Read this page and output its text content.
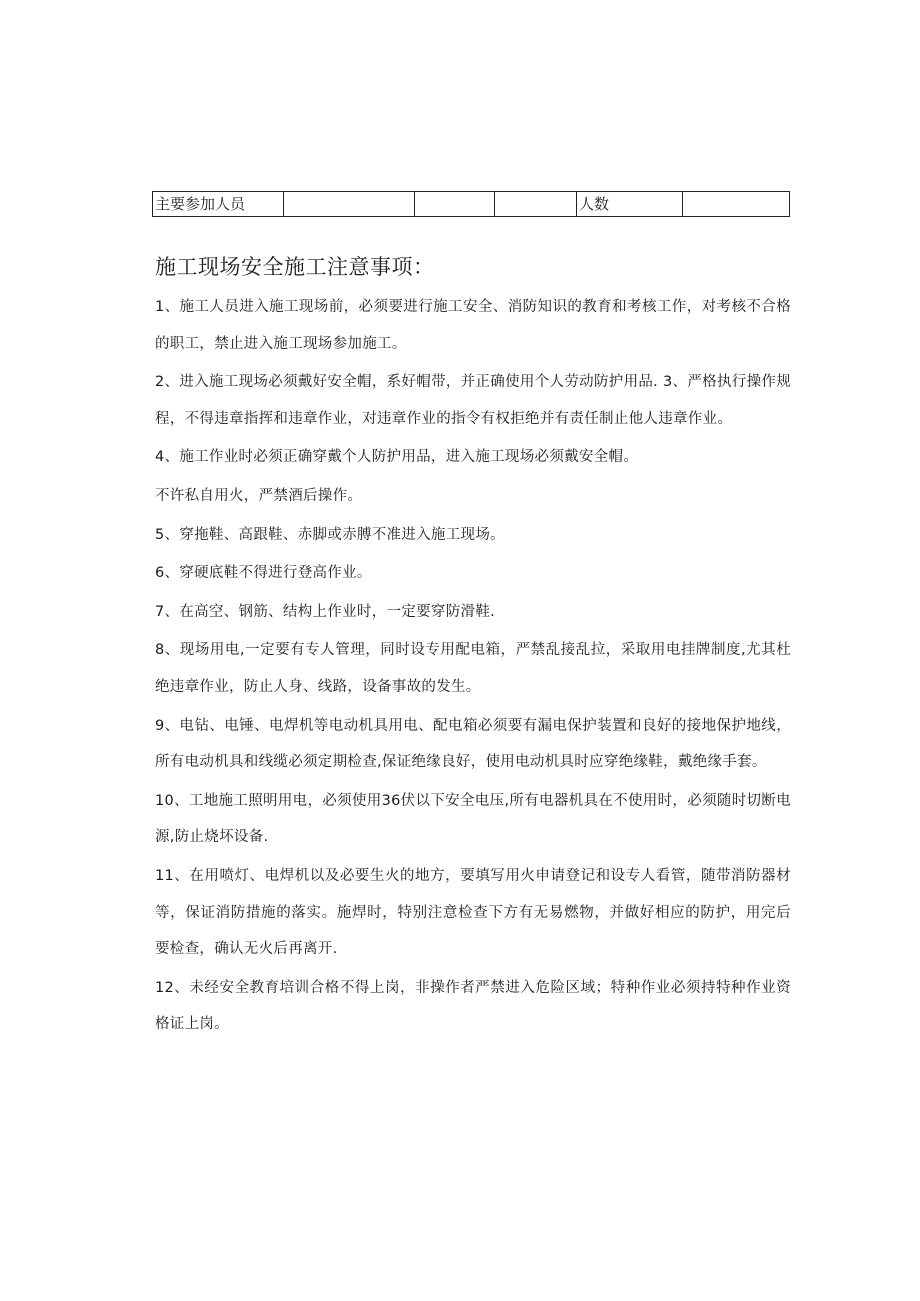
主要参加人员				人数	
施工现场安全施工注意事项：

1、施工人员进入施工现场前，必须要进行施工安全、消防知识的教育和考核工作，对考核不合格的职工，禁止进入施工现场参加施工。

2、进入施工现场必须戴好安全帽，系好帽带，并正确使用个人劳动防护用品. 3、严格执行操作规程，不得违章指挥和违章作业，对违章作业的指令有权拒绝并有责任制止他人违章作业。

4、施工作业时必须正确穿戴个人防护用品，进入施工现场必须戴安全帽。

不许私自用火，严禁酒后操作。

5、穿拖鞋、高跟鞋、赤脚或赤膊不准进入施工现场。

6、穿硬底鞋不得进行登高作业。

7、在高空、钢筋、结构上作业时，一定要穿防滑鞋.

8、现场用电,一定要有专人管理，同时设专用配电箱，严禁乱接乱拉，采取用电挂牌制度,尤其杜绝违章作业，防止人身、线路，设备事故的发生。

9、电钻、电锤、电焊机等电动机具用电、配电箱必须要有漏电保护装置和良好的接地保护地线，所有电动机具和线缆必须定期检查,保证绝缘良好，使用电动机具时应穿绝缘鞋，戴绝缘手套。

10、工地施工照明用电，必须使用36伏以下安全电压,所有电器机具在不使用时，必须随时切断电源,防止烧坏设备.

11、在用喷灯、电焊机以及必要生火的地方，要填写用火申请登记和设专人看管，随带消防器材等，保证消防措施的落实。施焊时，特别注意检查下方有无易燃物，并做好相应的防护，用完后要检查，确认无火后再离开.

12、未经安全教育培训合格不得上岗，非操作者严禁进入危险区域；特种作业必须持特种作业资格证上岗。
